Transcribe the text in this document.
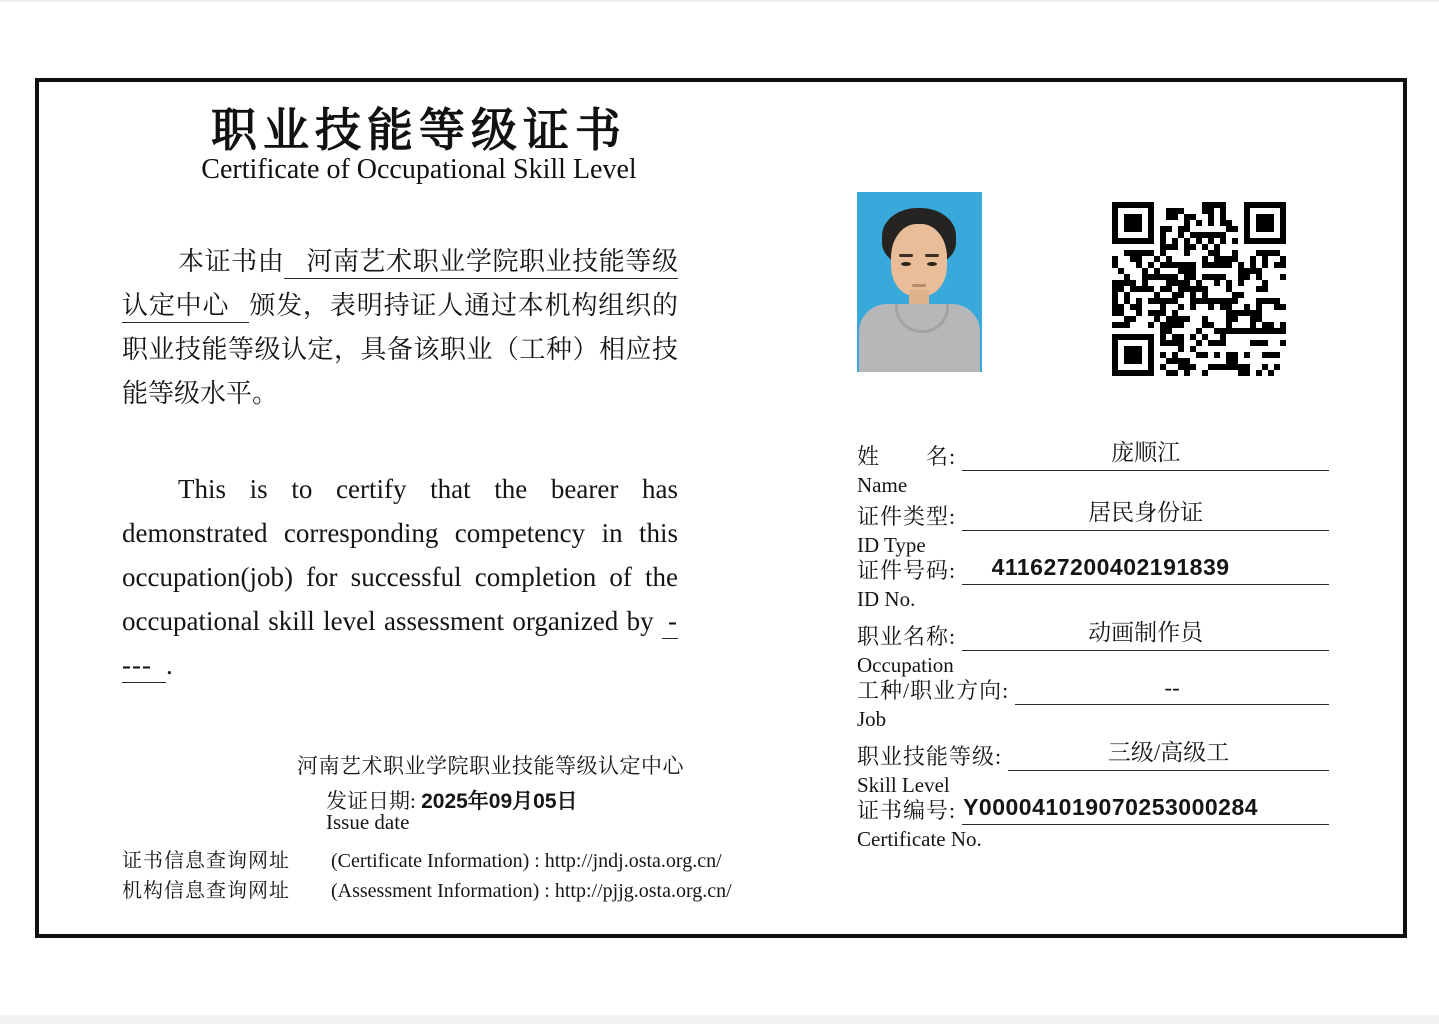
职业技能等级证书
Certificate of Occupational Skill Level

本证书由 河南艺术职业学院职业技能等级认定中心 颁发，表明持证人通过本机构组织的职业技能等级认定，具备该职业（工种）相应技能等级水平。

This is to certify that the bearer has demonstrated corresponding competency in this occupation(job) for successful completion of the occupational skill level assessment organized by ---- .

河南艺术职业学院职业技能等级认定中心
发证日期: 2025年09月05日
Issue date
证书信息查询网址 (Certificate Information) : http://jndj.osta.org.cn/
机构信息查询网址 (Assessment Information) : http://pjjg.osta.org.cn/
姓　　名:	庞顺江
Name
证件类型:	居民身份证
ID Type
证件号码:	411627200402191839
ID No.
职业名称:	动画制作员
Occupation
工种/职业方向:	--
Job
职业技能等级:	三级/高级工
Skill Level
证书编号: Y000041019070253000284
Certificate No.
